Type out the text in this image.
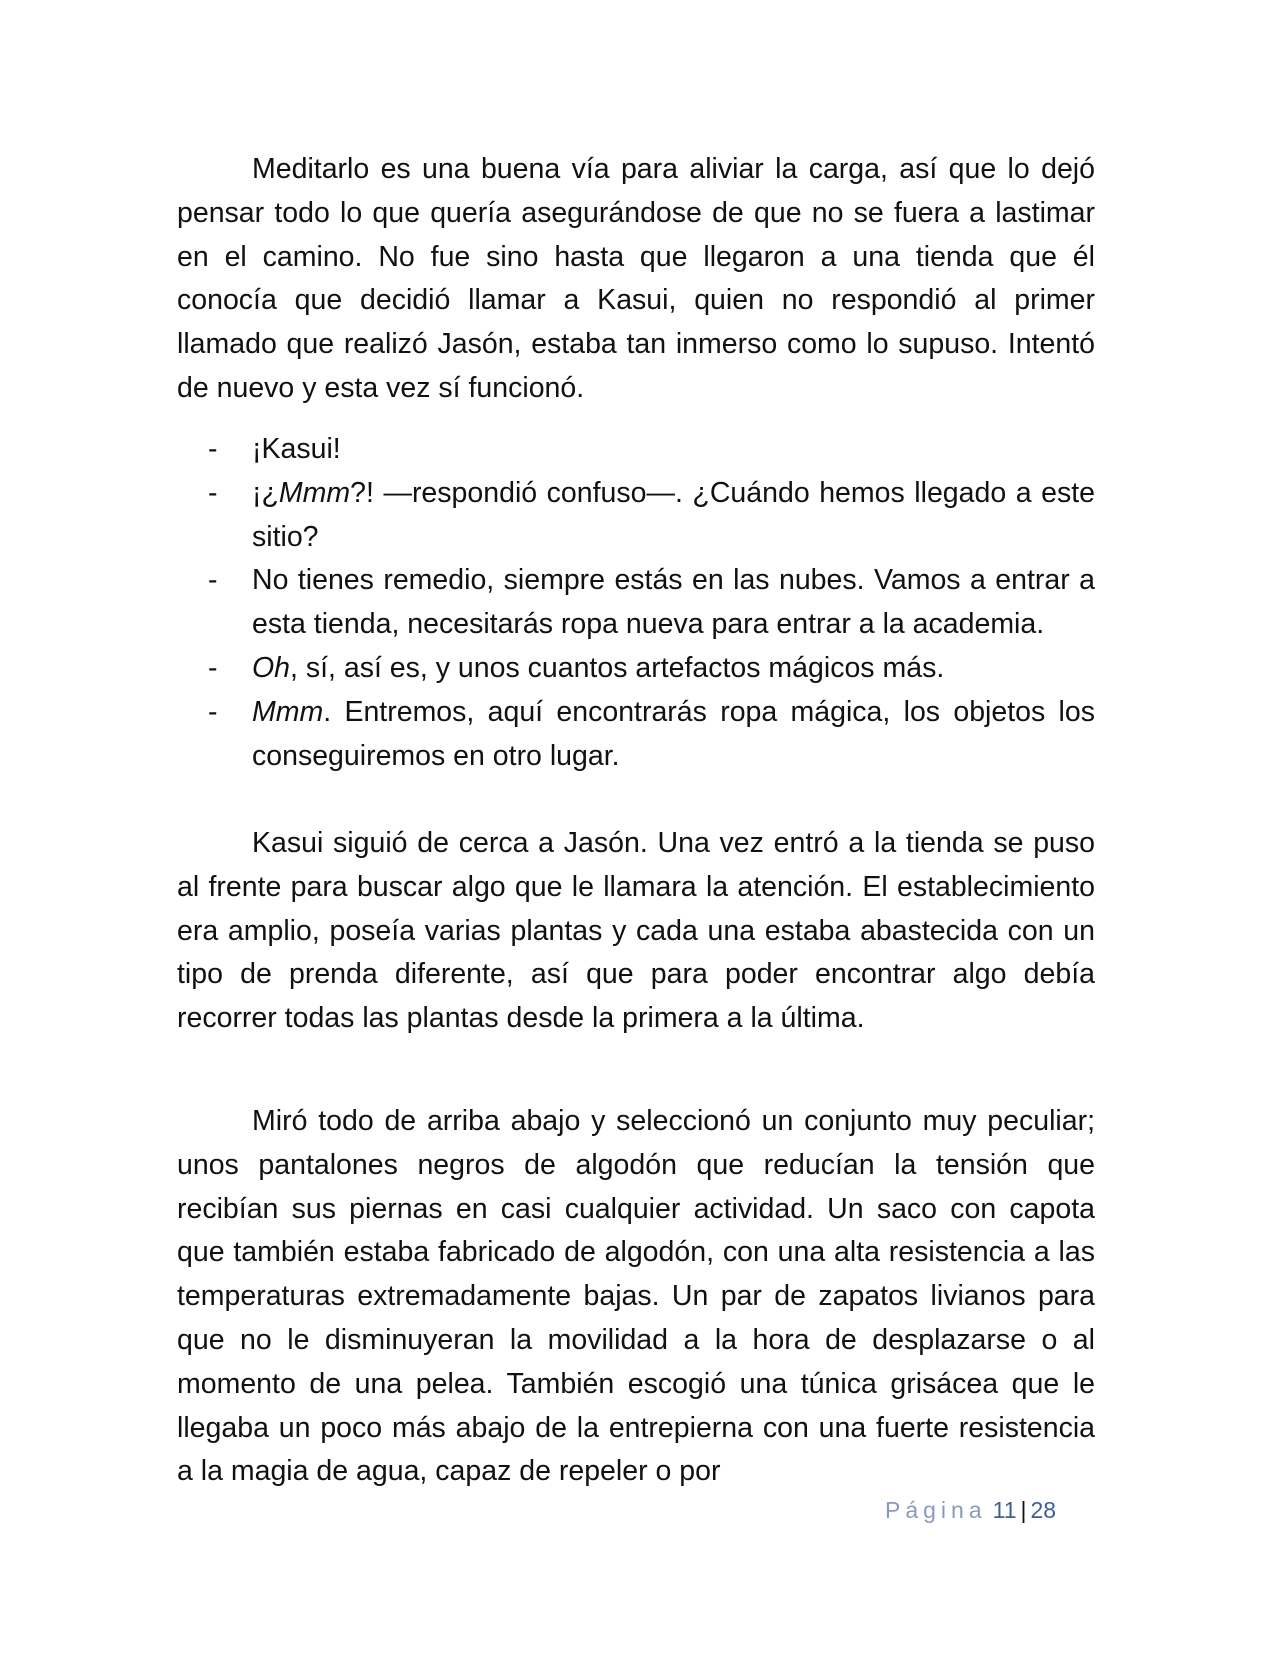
Meditarlo es una buena vía para aliviar la carga, así que lo dejó pensar todo lo que quería asegurándose de que no se fuera a lastimar en el camino. No fue sino hasta que llegaron a una tienda que él conocía que decidió llamar a Kasui, quien no respondió al primer llamado que realizó Jasón, estaba tan inmerso como lo supuso. Intentó de nuevo y esta vez sí funcionó.

- ¡Kasui!
- ¡¿Mmm?! —respondió confuso—. ¿Cuándo hemos llegado a este sitio?
- No tienes remedio, siempre estás en las nubes. Vamos a entrar a esta tienda, necesitarás ropa nueva para entrar a la academia.
- Oh, sí, así es, y unos cuantos artefactos mágicos más.
- Mmm. Entremos, aquí encontrarás ropa mágica, los objetos los conseguiremos en otro lugar.

Kasui siguió de cerca a Jasón. Una vez entró a la tienda se puso al frente para buscar algo que le llamara la atención. El establecimiento era amplio, poseía varias plantas y cada una estaba abastecida con un tipo de prenda diferente, así que para poder encontrar algo debía recorrer todas las plantas desde la primera a la última.

Miró todo de arriba abajo y seleccionó un conjunto muy peculiar; unos pantalones negros de algodón que reducían la tensión que recibían sus piernas en casi cualquier actividad. Un saco con capota que también estaba fabricado de algodón, con una alta resistencia a las temperaturas extremadamente bajas. Un par de zapatos livianos para que no le disminuyeran la movilidad a la hora de desplazarse o al momento de una pelea. También escogió una túnica grisácea que le llegaba un poco más abajo de la entrepierna con una fuerte resistencia a la magia de agua, capaz de repeler o por

Página 11 | 28
